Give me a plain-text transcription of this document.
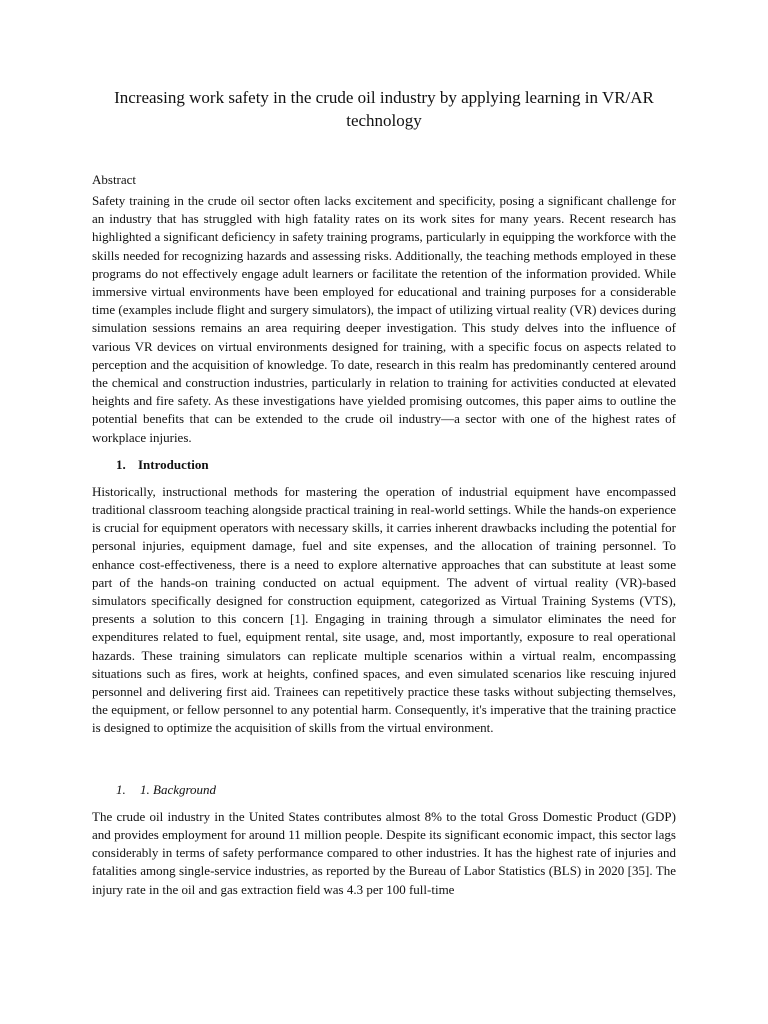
Increasing work safety in the crude oil industry by applying learning in VR/AR technology
Abstract

Safety training in the crude oil sector often lacks excitement and specificity, posing a significant challenge for an industry that has struggled with high fatality rates on its work sites for many years. Recent research has highlighted a significant deficiency in safety training programs, particularly in equipping the workforce with the skills needed for recognizing hazards and assessing risks. Additionally, the teaching methods employed in these programs do not effectively engage adult learners or facilitate the retention of the information provided. While immersive virtual environments have been employed for educational and training purposes for a considerable time (examples include flight and surgery simulators), the impact of utilizing virtual reality (VR) devices during simulation sessions remains an area requiring deeper investigation. This study delves into the influence of various VR devices on virtual environments designed for training, with a specific focus on aspects related to perception and the acquisition of knowledge. To date, research in this realm has predominantly centered around the chemical and construction industries, particularly in relation to training for activities conducted at elevated heights and fire safety. As these investigations have yielded promising outcomes, this paper aims to outline the potential benefits that can be extended to the crude oil industry—a sector with one of the highest rates of workplace injuries.

1. Introduction

Historically, instructional methods for mastering the operation of industrial equipment have encompassed traditional classroom teaching alongside practical training in real-world settings. While the hands-on experience is crucial for equipment operators with necessary skills, it carries inherent drawbacks including the potential for personal injuries, equipment damage, fuel and site expenses, and the allocation of training personnel. To enhance cost-effectiveness, there is a need to explore alternative approaches that can substitute at least some part of the hands-on training conducted on actual equipment. The advent of virtual reality (VR)-based simulators specifically designed for construction equipment, categorized as Virtual Training Systems (VTS), presents a solution to this concern [1]. Engaging in training through a simulator eliminates the need for expenditures related to fuel, equipment rental, site usage, and, most importantly, exposure to real operational hazards. These training simulators can replicate multiple scenarios within a virtual realm, encompassing situations such as fires, work at heights, confined spaces, and even simulated scenarios like rescuing injured personnel and delivering first aid. Trainees can repetitively practice these tasks without subjecting themselves, the equipment, or fellow personnel to any potential harm. Consequently, it's imperative that the training practice is designed to optimize the acquisition of skills from the virtual environment.

1. 1. Background

The crude oil industry in the United States contributes almost 8% to the total Gross Domestic Product (GDP) and provides employment for around 11 million people. Despite its significant economic impact, this sector lags considerably in terms of safety performance compared to other industries. It has the highest rate of injuries and fatalities among single-service industries, as reported by the Bureau of Labor Statistics (BLS) in 2020 [35]. The injury rate in the oil and gas extraction field was 4.3 per 100 full-time
